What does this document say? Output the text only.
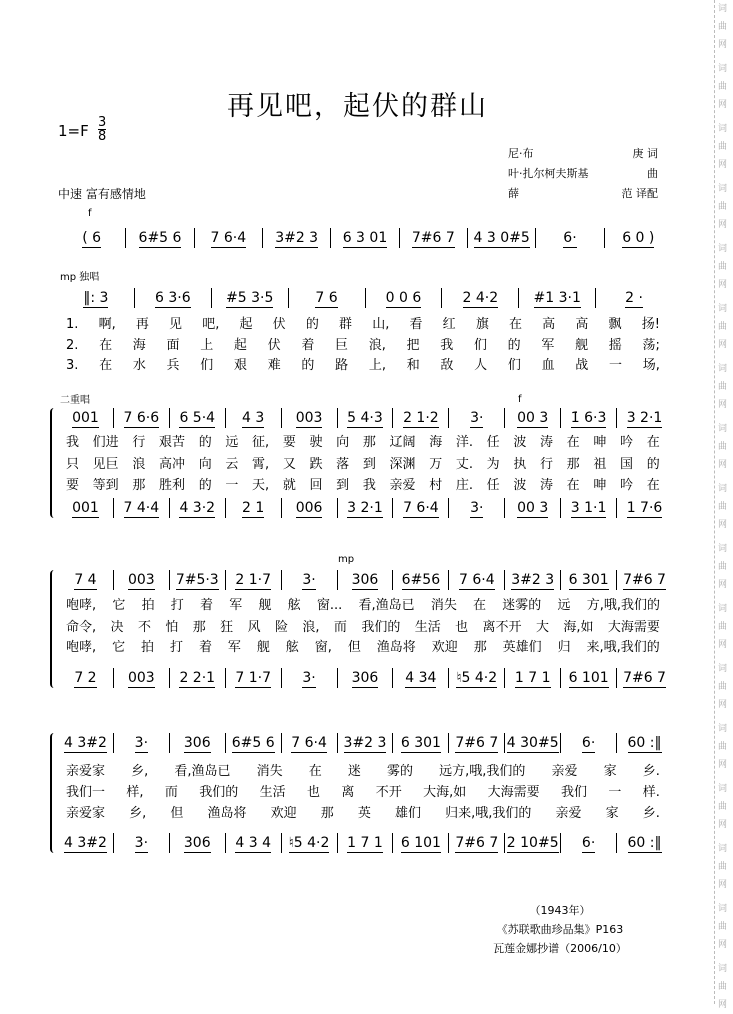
再见吧，起伏的群山
1=F 3
8
尼·布	庚 词
叶·扎尔柯夫斯基	曲
薛	范 译配
中速 富有感情地
（1943年）
《苏联歌曲珍品集》P163
瓦莲金娜抄谱（2006/10）
词
曲
网
词
曲
网
词
曲
网
词
曲
网
词
曲
网
词
曲
网
词
曲
网
词
曲
网
词
曲
网
词
曲
网
词
曲
网
词
曲
网
词
曲
网
词
曲
网
词
曲
网
词
曲
网
词
曲
网
f
( 6	6#5 6	7 6·4	3#2 3	6 3 01	7#6 7	4 3 0#5	6·	6 0 )
mp 独唱
‖: 3	6 3·6	#5 3·5	7 6	0 0 6	2 4·2	#1 3·1	2 ·
1. 啊, 再 见 吧, 起 伏 的 群 山, 看 红 旗 在 高 高 飘 扬!
2. 在 海 面 上 起 伏 着 巨 浪, 把 我 们 的 军 舰 摇 荡;
3. 在 水 兵 们 艰 难 的 路 上, 和 敌 人 们 血 战 一 场,
二重唱	f
001	7 6·6	6 5·4	4 3	003	5 4·3	2 1·2	3·	00 3	1̇ 6·3	3 2·1
我 们进 行 艰苦 的 远 征, 要 驶 向 那 辽阔 海 洋. 任 波 涛 在 呻 吟 在
只 见巨 浪 高冲 向 云 霄, 又 跌 落 到 深渊 万 丈. 为 执 行 那 祖 国 的
要 等到 那 胜利 的 一 天, 就 回 到 我 亲爱 村 庄. 任 波 涛 在 呻 吟 在
001	7 4·4	4 3·2	2 1	006	3 2·1	7 6·4	3·	00 3	3 1·1	1 7·6
mp
7 4	003	7#5·3	2 1·7	3·	306	6#56	7 6·4	3#2 3	6 301	7#6 7
咆哮, 它 拍 打 着 军 舰 舷 窗... 看,渔岛已 消失 在 迷雾的 远 方,哦,我们的
命令, 决 不 怕 那 狂 风 险 浪, 而 我们的 生活 也 离不开 大 海,如 大海需要
咆哮, 它 拍 打 着 军 舰 舷 窗, 但 渔岛将 欢迎 那 英雄们 归 来,哦,我们的
7 2	003	2 2·1	7 1·7	3·	306	4 34	♮5 4·2	1 7 1	6 101	7#6 7
4 3#2	3·	306	6#5 6	7 6·4	3#2 3	6 301	7#6 7 4 30#5	6·	60 :‖
亲爱家 乡, 看,渔岛已 消失 在 迷 雾的 远方,哦,我们的 亲爱 家 乡.
我们一 样, 而 我们的 生活 也 离 不开 大海,如 大海需要 我们 一 样.
亲爱家 乡, 但 渔岛将 欢迎 那 英 雄们 归来,哦,我们的 亲爱 家 乡.
4 3#2	3·	306	4 3 4	♮5 4·2	1 7 1	6 101	7#6 7 2 10#5	6·	60 :‖
